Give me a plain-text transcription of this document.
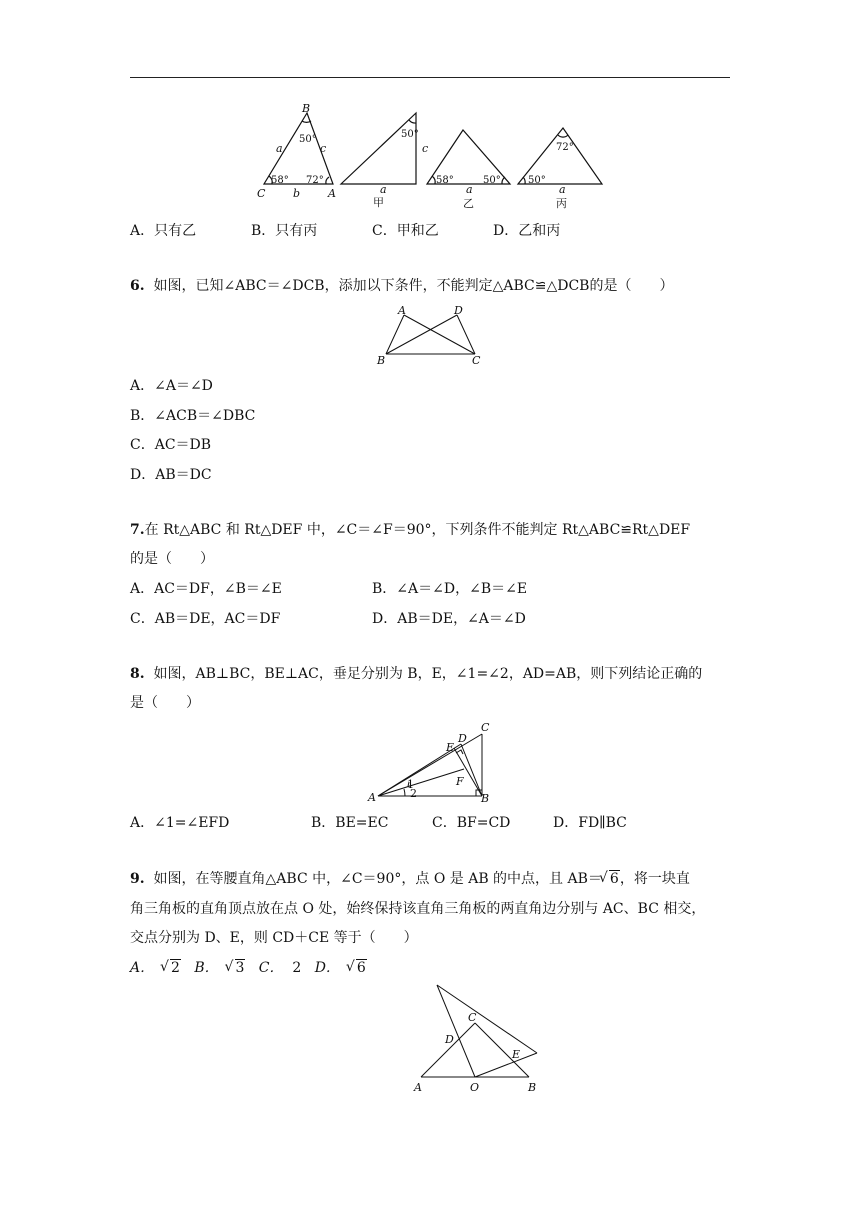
B
50°
a	c
58° 72°
C	b	A
50°
c
a
甲
58°	50°
a
乙
72°
50°
a
丙
A．只有乙	B．只有丙	C．甲和乙	D．乙和丙
6. 如图，已知∠ABC＝∠DCB，添加以下条件，不能判定△ABC≌△DCB的是（　　）
A	D
B	C
A．∠A＝∠D
B．∠ACB＝∠DBC
C．AC＝DB
D．AB＝DC
7.在 Rt△ABC 和 Rt△DEF 中，∠C＝∠F＝90°，下列条件不能判定 Rt△ABC≌Rt△DEF
的是（　　）
A．AC＝DF，∠B＝∠E	B．∠A＝∠D，∠B＝∠E
C．AB＝DE，AC＝DF	D．AB＝DE，∠A＝∠D
8. 如图，AB⊥BC，BE⊥AC，垂足分别为 B，E，∠1=∠2，AD=AB，则下列结论正确的
是（　　）
A	B
C
D
E
F
1
2
A．∠1=∠EFD	B．BE=EC	C．BF=CD	D．FD∥BC
9. 如图，在等腰直角△ABC 中，∠C＝90°，点 O 是 AB 的中点，且 AB＝ √ 6，将一块直
角三角板的直角顶点放在点 O 处，始终保持该直角三角板的两直角边分别与 AC、BC 相交，
交点分别为 D、E，则 CD＋CE 等于（　　）
A． √ 2 B． √ 3 C． 2 D． √ 6
A	B
C
D
E
O
